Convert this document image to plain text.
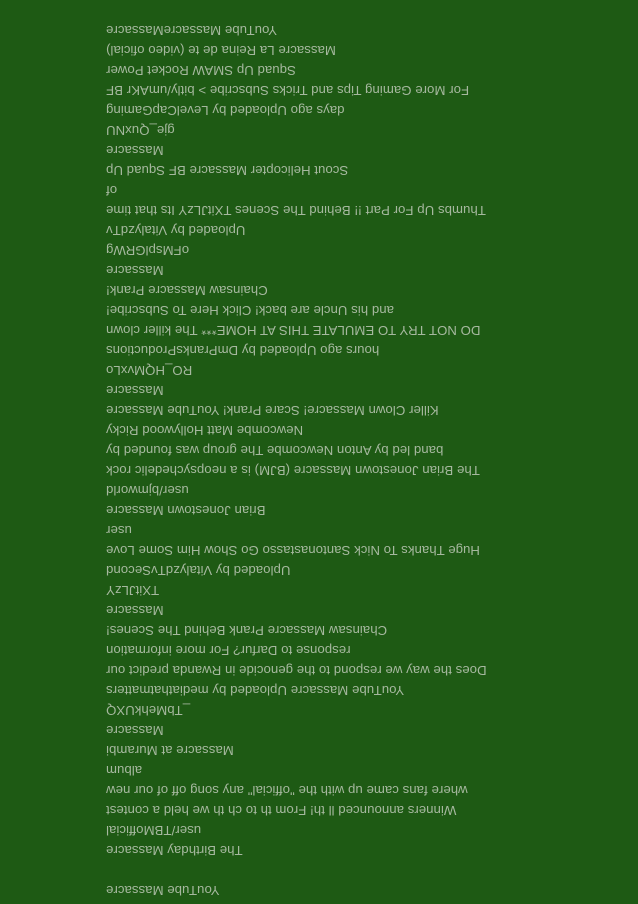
YouTube Massacre
The Birthday Massacre
user/TBMofficial
Winners announced ll th! From th to ch th we held a contest
where fans came up with the "official" any song off of our new
album
Massacre at Murambi
Massacre
_TbMehkUXQ
YouTube Massacre Uploaded by mediathatmatters
Does the way we respond to the genocide in Rwanda predict our
response to Darfur? For more information
Chainsaw Massacre Prank Behind The Scenes!
Massacre
TXitJLzY
Uploaded by VitalyzdTvSecond
Huge Thanks To Nick Santonastasso Go Show Him Some Love
user
Brian Jonestown Massacre
user/bjmworld
The Brian Jonestown Massacre (BJM) is a neopsychedelic rock
band led by Anton Newcombe The group was founded by
Newcombe Matt Hollywood Ricky
Killer Clown Massacre! Scare Prank! YouTube Massacre
Massacre
RO_HQMvxLo
hours ago Uploaded by DmPranksProductions
DO NOT TRY TO EMULATE THIS AT HOME*** The killer clown
and his Uncle are back! Click Here To Subscribe!
Chainsaw Massacre Prank!
Massacre
oFMsplGRWg
Uploaded by VitalyzdTv
Thumbs Up For Part !! Behind The Scenes TXitJLzY Its that time
of
Scout Helicopter Massacre BF Squad Up
Massacre
gje_QuxNU
days ago Uploaded by LevelCapGaming
For More Gaming Tips and Tricks Subscribe > bitly/umAKr BF
Squad Up SMAW Rocket Power
Massacre La Reina de te (video oficial)
YouTube MassacreMassacre
